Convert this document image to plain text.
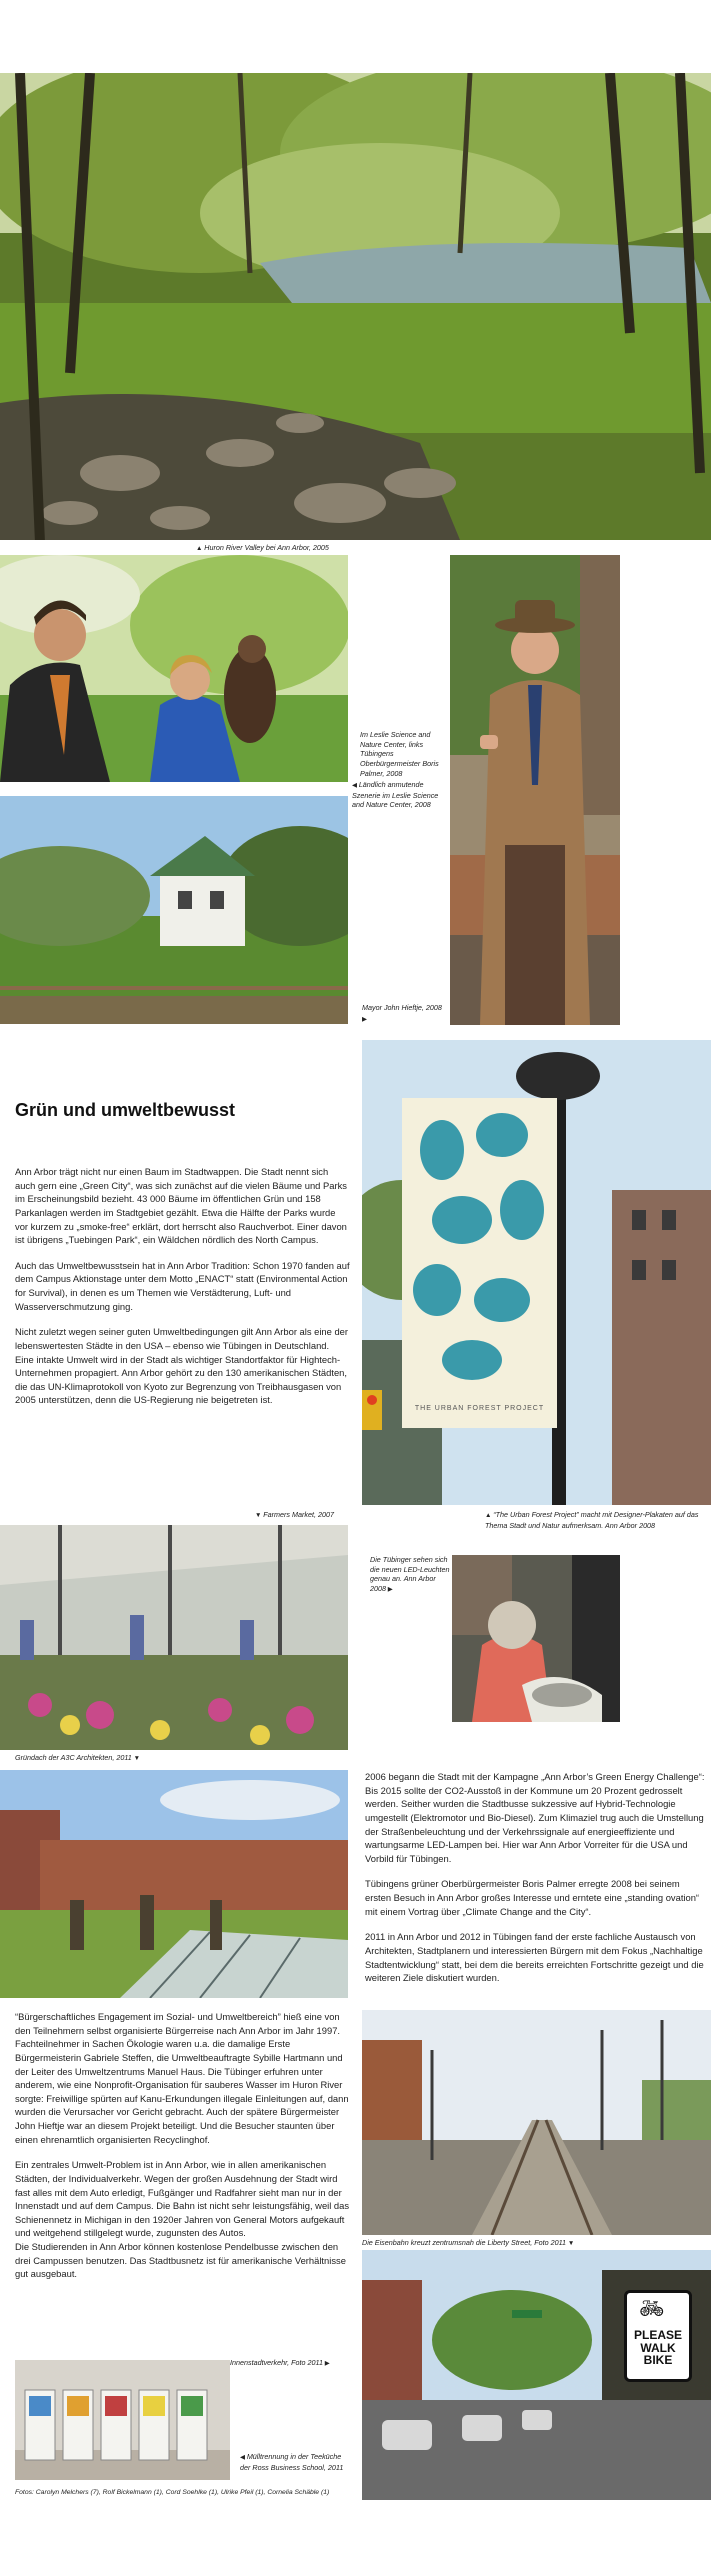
▲ Huron River Valley bei Ann Arbor, 2005
Im Leslie Science and Nature Center, links Tübingens Oberbürgermeister Boris Palmer, 2008
◀ Ländlich anmutende Szenerie im Leslie Science and Nature Center, 2008
Mayor John Hieftje, 2008 ▶
Grün und umweltbewusst

Ann Arbor trägt nicht nur einen Baum im Stadtwappen. Die Stadt nennt sich auch gern eine „Green City“, was sich zunächst auf die vielen Bäume und Parks im Erscheinungsbild bezieht. 43 000 Bäume im öffentlichen Grün und 158 Parkanlagen werden im Stadtgebiet gezählt. Etwa die Hälfte der Parks wurde vor kurzem zu „smoke-free“ erklärt, dort herrscht also Rauchverbot. Einer davon ist übrigens „Tuebingen Park“, ein Wäldchen nördlich des North Campus.

Auch das Umweltbewusstsein hat in Ann Arbor Tradition: Schon 1970 fanden auf dem Campus Aktionstage unter dem Motto „ENACT“ statt (Environmental Action for Survival), in denen es um Themen wie Verstädterung, Luft- und Wasserverschmutzung ging.

Nicht zuletzt wegen seiner guten Umweltbedingungen gilt Ann Arbor als eine der lebenswertesten Städte in den USA – ebenso wie Tübingen in Deutschland. Eine intakte Umwelt wird in der Stadt als wichtiger Standortfaktor für Hightech-Unternehmen propagiert. Ann Arbor gehört zu den 130 amerikanischen Städten, die das UN-Klimaprotokoll von Kyoto zur Begrenzung von Treibhausgasen von 2005 unterstützen, denn die US-Regierung nie beigetreten ist.

THE URBAN FOREST PROJECT
▼ Farmers Market, 2007	▲ “The Urban Forest Project” macht mit Designer-Plakaten auf das Thema Stadt und Natur aufmerksam. Ann Arbor 2008
Gründach der A3C Architekten, 2011 ▼
Die Tübinger sehen sich die neuen LED-Leuchten genau an. Ann Arbor 2008 ▶

2006 begann die Stadt mit der Kampagne „Ann Arbor’s Green Energy Challenge“: Bis 2015 sollte der CO2-Ausstoß in der Kommune um 20 Prozent gedrosselt werden. Seither wurden die Stadtbusse sukzessive auf Hybrid-Technologie umgestellt (Elektromotor und Bio-Diesel). Zum Klimaziel trug auch die Umstellung der Straßenbeleuchtung und der Verkehrssignale auf energieeffiziente und wartungsarme LED-Lampen bei. Hier war Ann Arbor Vorreiter für die USA und Vorbild für Tübingen.

Tübingens grüner Oberbürgermeister Boris Palmer erregte 2008 bei seinem ersten Besuch in Ann Arbor großes Interesse und erntete eine „standing ovation“ mit einem Vortrag über „Climate Change and the City“.

2011 in Ann Arbor und 2012 in Tübingen fand der erste fachliche Austausch von Architekten, Stadtplanern und interessierten Bürgern mit dem Fokus „Nachhaltige Stadtentwicklung“ statt, bei dem die bereits erreichten Fortschritte gezeigt und die weiteren Ziele diskutiert wurden.

“Bürgerschaftliches Engagement im Sozial- und Umweltbereich” hieß eine von den Teilnehmern selbst organisierte Bürgerreise nach Ann Arbor im Jahr 1997. Fachteilnehmer in Sachen Ökologie waren u.a. die damalige Erste Bürgermeisterin Gabriele Steffen, die Umweltbeauftragte Sybille Hartmann und der Leiter des Umweltzentrums Manuel Haus. Die Tübinger erfuhren unter anderem, wie eine Nonprofit-Organisation für sauberes Wasser im Huron River sorgte: Freiwillige spürten auf Kanu-Erkundungen illegale Einleitungen auf, dann wurden die Verursacher vor Gericht gebracht. Auch der spätere Bürgermeister John Hieftje war an diesem Projekt beteiligt. Und die Besucher staunten über einen ehrenamtlich organisierten Recyclinghof.

Ein zentrales Umwelt-Problem ist in Ann Arbor, wie in allen amerikanischen Städten, der Individualverkehr. Wegen der großen Ausdehnung der Stadt wird fast alles mit dem Auto erledigt, Fußgänger und Radfahrer sieht man nur in der Innenstadt und auf dem Campus. Die Bahn ist nicht sehr leistungsfähig, weil das Schienennetz in Michigan in den 1920er Jahren von General Motors aufgekauft und weitgehend stillgelegt wurde, zugunsten des Autos.

Die Studierenden in Ann Arbor können kostenlose Pendelbusse zwischen den drei Campussen benutzen. Das Stadtbusnetz ist für amerikanische Verhältnisse gut ausgebaut.

Die Eisenbahn kreuzt zentrumsnah die Liberty Street, Foto 2011 ▼
🚲︎
PLEASE WALK BIKE
Innenstadtverkehr, Foto 2011 ▶
◀ Mülltrennung in der Teeküche der Ross Business School, 2011
Fotos: Carolyn Melchers (7), Rolf Bickelmann (1), Cord Soehlke (1), Ulrike Pfeil (1), Cornelia Schäble (1)
